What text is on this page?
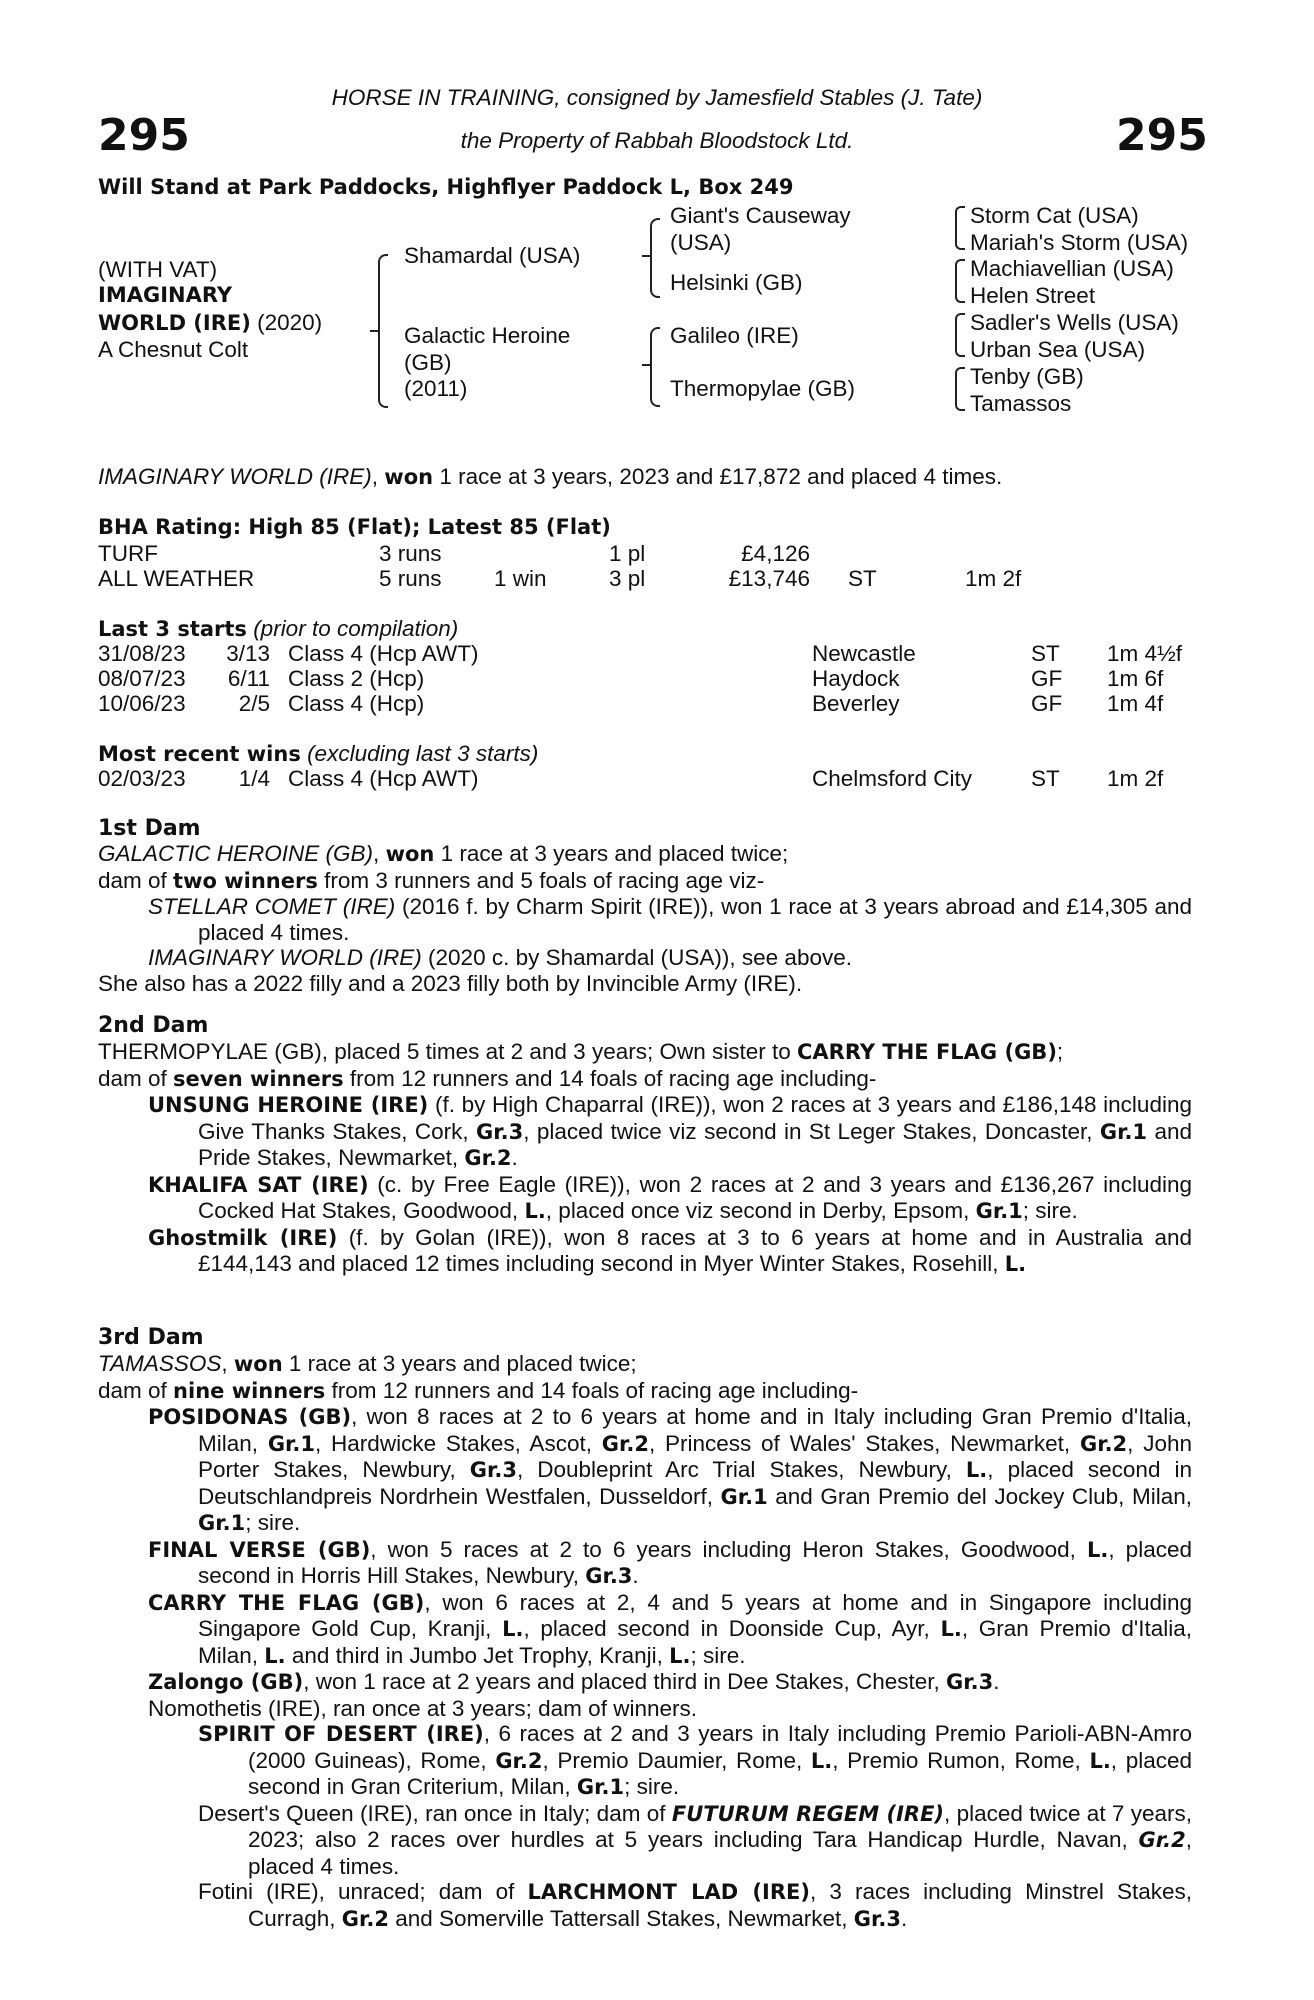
295	295
HORSE IN TRAINING, consigned by Jamesfield Stables (J. Tate)
the Property of Rabbah Bloodstock Ltd.
Will Stand at Park Paddocks, Highflyer Paddock L, Box 249
(WITH VAT)
IMAGINARY
WORLD (IRE) (2020)
A Chesnut Colt
Shamardal (USA)
Galactic Heroine
(GB)
(2011)
Giant's Causeway
(USA)
Helsinki (GB)
Galileo (IRE)
Thermopylae (GB)
Storm Cat (USA)
Mariah's Storm (USA)
Machiavellian (USA)
Helen Street
Sadler's Wells (USA)
Urban Sea (USA)
Tenby (GB)
Tamassos
IMAGINARY WORLD (IRE), won 1 race at 3 years, 2023 and £17,872 and placed 4 times.
BHA Rating: High 85 (Flat); Latest 85 (Flat)
TURF	3 runs	1 pl	£4,126
ALL WEATHER	5 runs 1 win	3 pl	£13,746 ST	1m 2f
Last 3 starts (prior to compilation)
31/08/23	3/13 Class 4 (Hcp AWT)	Newcastle	ST 1m 4½f
08/07/23	6/11 Class 2 (Hcp)	Haydock	GF 1m 6f
10/06/23	2/5 Class 4 (Hcp)	Beverley	GF 1m 4f
Most recent wins (excluding last 3 starts)
02/03/23	1/4 Class 4 (Hcp AWT)	Chelmsford City	ST 1m 2f
1st Dam
GALACTIC HEROINE (GB), won 1 race at 3 years and placed twice;
dam of two winners from 3 runners and 5 foals of racing age viz-
STELLAR COMET (IRE) (2016 f. by Charm Spirit (IRE)), won 1 race at 3 years abroad and £14,305 and placed 4 times.
IMAGINARY WORLD (IRE) (2020 c. by Shamardal (USA)), see above.
She also has a 2022 filly and a 2023 filly both by Invincible Army (IRE).
2nd Dam
THERMOPYLAE (GB), placed 5 times at 2 and 3 years; Own sister to CARRY THE FLAG (GB);
dam of seven winners from 12 runners and 14 foals of racing age including-
UNSUNG HEROINE (IRE) (f. by High Chaparral (IRE)), won 2 races at 3 years and £186,148 including Give Thanks Stakes, Cork, Gr.3, placed twice viz second in St Leger Stakes, Doncaster, Gr.1 and Pride Stakes, Newmarket, Gr.2.
KHALIFA SAT (IRE) (c. by Free Eagle (IRE)), won 2 races at 2 and 3 years and £136,267 including Cocked Hat Stakes, Goodwood, L., placed once viz second in Derby, Epsom, Gr.1; sire.
Ghostmilk (IRE) (f. by Golan (IRE)), won 8 races at 3 to 6 years at home and in Australia and £144,143 and placed 12 times including second in Myer Winter Stakes, Rosehill, L.
3rd Dam
TAMASSOS, won 1 race at 3 years and placed twice;
dam of nine winners from 12 runners and 14 foals of racing age including-
POSIDONAS (GB), won 8 races at 2 to 6 years at home and in Italy including Gran Premio d'Italia, Milan, Gr.1, Hardwicke Stakes, Ascot, Gr.2, Princess of Wales' Stakes, Newmarket, Gr.2, John Porter Stakes, Newbury, Gr.3, Doubleprint Arc Trial Stakes, Newbury, L., placed second in Deutschlandpreis Nordrhein Westfalen, Dusseldorf, Gr.1 and Gran Premio del Jockey Club, Milan, Gr.1; sire.
FINAL VERSE (GB), won 5 races at 2 to 6 years including Heron Stakes, Goodwood, L., placed second in Horris Hill Stakes, Newbury, Gr.3.
CARRY THE FLAG (GB), won 6 races at 2, 4 and 5 years at home and in Singapore including Singapore Gold Cup, Kranji, L., placed second in Doonside Cup, Ayr, L., Gran Premio d'Italia, Milan, L. and third in Jumbo Jet Trophy, Kranji, L.; sire.
Zalongo (GB), won 1 race at 2 years and placed third in Dee Stakes, Chester, Gr.3.
Nomothetis (IRE), ran once at 3 years; dam of winners.
SPIRIT OF DESERT (IRE), 6 races at 2 and 3 years in Italy including Premio Parioli-ABN-Amro (2000 Guineas), Rome, Gr.2, Premio Daumier, Rome, L., Premio Rumon, Rome, L., placed second in Gran Criterium, Milan, Gr.1; sire.
Desert's Queen (IRE), ran once in Italy; dam of FUTURUM REGEM (IRE), placed twice at 7 years, 2023; also 2 races over hurdles at 5 years including Tara Handicap Hurdle, Navan, Gr.2, placed 4 times.
Fotini (IRE), unraced; dam of LARCHMONT LAD (IRE), 3 races including Minstrel Stakes, Curragh, Gr.2 and Somerville Tattersall Stakes, Newmarket, Gr.3.
